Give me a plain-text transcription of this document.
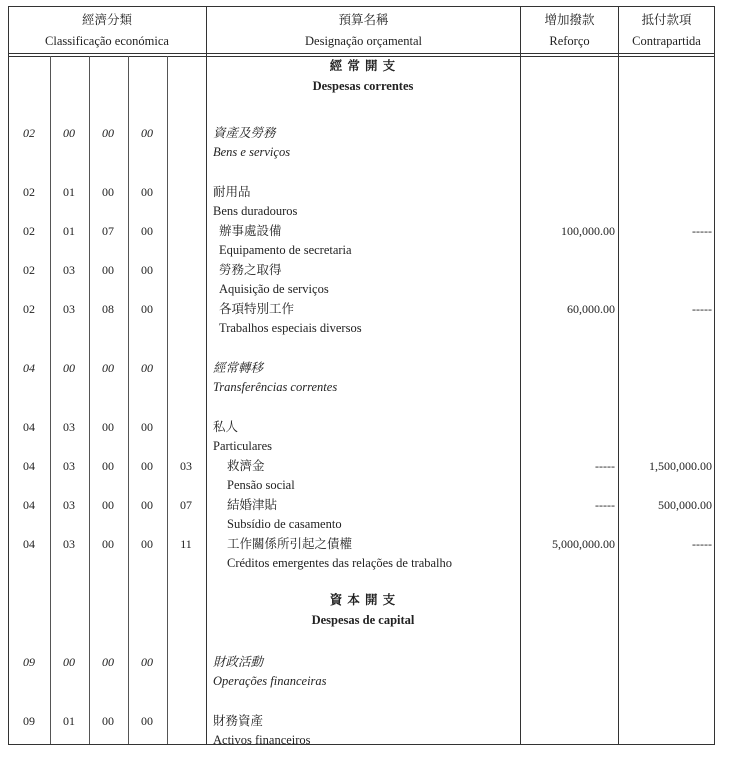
經濟分類
Classificação económica
預算名稱
Designação orçamental
增加撥款
Reforço
抵付款項
Contrapartida
經 常 開 支
Despesas correntes
02	00	00	00	資產及勞務
Bens e serviços
02	01	00	00	耐用品
Bens duradouros
02	01	07	00	辦事處設備
Equipamento de secretaria
100,000.00	-----
02	03	00	00	勞務之取得
Aquisição de serviços
02	03	08	00	各項特別工作
Trabalhos especiais diversos
60,000.00	-----
04	00	00	00	經常轉移
Transferências correntes
04	03	00	00	私人
Particulares
04	03	00	00	03	救濟金
Pensão social
-----	1,500,000.00
04	03	00	00	07	結婚津貼
Subsídio de casamento
-----	500,000.00
04	03	00	00	11	工作關係所引起之債權
Créditos emergentes das relações de trabalho
5,000,000.00	-----
資 本 開 支
Despesas de capital
09	00	00	00	財政活動
Operações financeiras
09	01	00	00	財務資產
Activos financeiros
